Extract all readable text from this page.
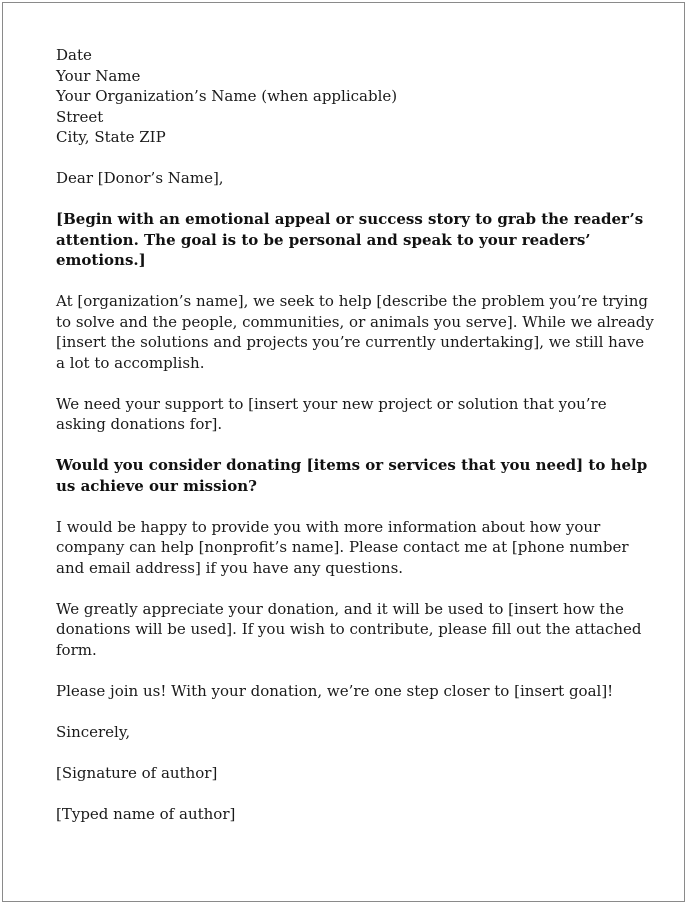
Date

Your Name

Your Organization’s Name (when applicable)

Street

City, State ZIP

Dear [Donor’s Name],

[Begin with an emotional appeal or success story to grab the reader’s attention. The goal is to be personal and speak to your readers’ emotions.]

At [organization’s name], we seek to help [describe the problem you’re trying to solve and the people, communities, or animals you serve]. While we already [insert the solutions and projects you’re currently undertaking], we still have a lot to accomplish.

We need your support to [insert your new project or solution that you’re asking donations for].

Would you consider donating [items or services that you need] to help us achieve our mission?

I would be happy to provide you with more information about how your company can help [nonprofit’s name]. Please contact me at [phone number and email address] if you have any questions.

We greatly appreciate your donation, and it will be used to [insert how the donations will be used]. If you wish to contribute, please fill out the attached form.

Please join us! With your donation, we’re one step closer to [insert goal]!

Sincerely,

[Signature of author]

[Typed name of author]
